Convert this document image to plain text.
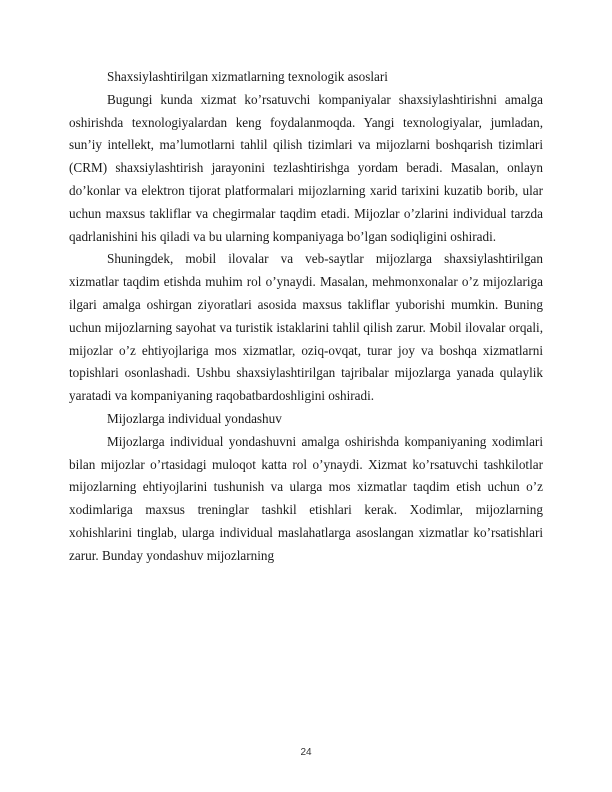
Shaxsiylashtirilgan xizmatlarning texnologik asoslari

Bugungi kunda xizmat ko’rsatuvchi kompaniyalar shaxsiylashtirishni amalga oshirishda texnologiyalardan keng foydalanmoqda. Yangi texnologiyalar, jumladan, sun’iy intellekt, ma’lumotlarni tahlil qilish tizimlari va mijozlarni boshqarish tizimlari (CRM) shaxsiylashtirish jarayonini tezlashtirishga yordam beradi. Masalan, onlayn do’konlar va elektron tijorat platformalari mijozlarning xarid tarixini kuzatib borib, ular uchun maxsus takliflar va chegirmalar taqdim etadi. Mijozlar o’zlarini individual tarzda qadrlanishini his qiladi va bu ularning kompaniyaga bo’lgan sodiqligini oshiradi.

Shuningdek, mobil ilovalar va veb-saytlar mijozlarga shaxsiylashtirilgan xizmatlar taqdim etishda muhim rol o’ynaydi. Masalan, mehmonxonalar o’z mijozlariga ilgari amalga oshirgan ziyoratlari asosida maxsus takliflar yuborishi mumkin. Buning uchun mijozlarning sayohat va turistik istaklarini tahlil qilish zarur. Mobil ilovalar orqali, mijozlar o’z ehtiyojlariga mos xizmatlar, oziq-ovqat, turar joy va boshqa xizmatlarni topishlari osonlashadi. Ushbu shaxsiylashtirilgan tajribalar mijozlarga yanada qulaylik yaratadi va kompaniyaning raqobatbardoshligini oshiradi.

Mijozlarga individual yondashuv

Mijozlarga individual yondashuvni amalga oshirishda kompaniyaning xodimlari bilan mijozlar o’rtasidagi muloqot katta rol o’ynaydi. Xizmat ko’rsatuvchi tashkilotlar mijozlarning ehtiyojlarini tushunish va ularga mos xizmatlar taqdim etish uchun o’z xodimlariga maxsus treninglar tashkil etishlari kerak. Xodimlar, mijozlarning xohishlarini tinglab, ularga individual maslahatlarga asoslangan xizmatlar ko’rsatishlari zarur. Bunday yondashuv mijozlarning

24
